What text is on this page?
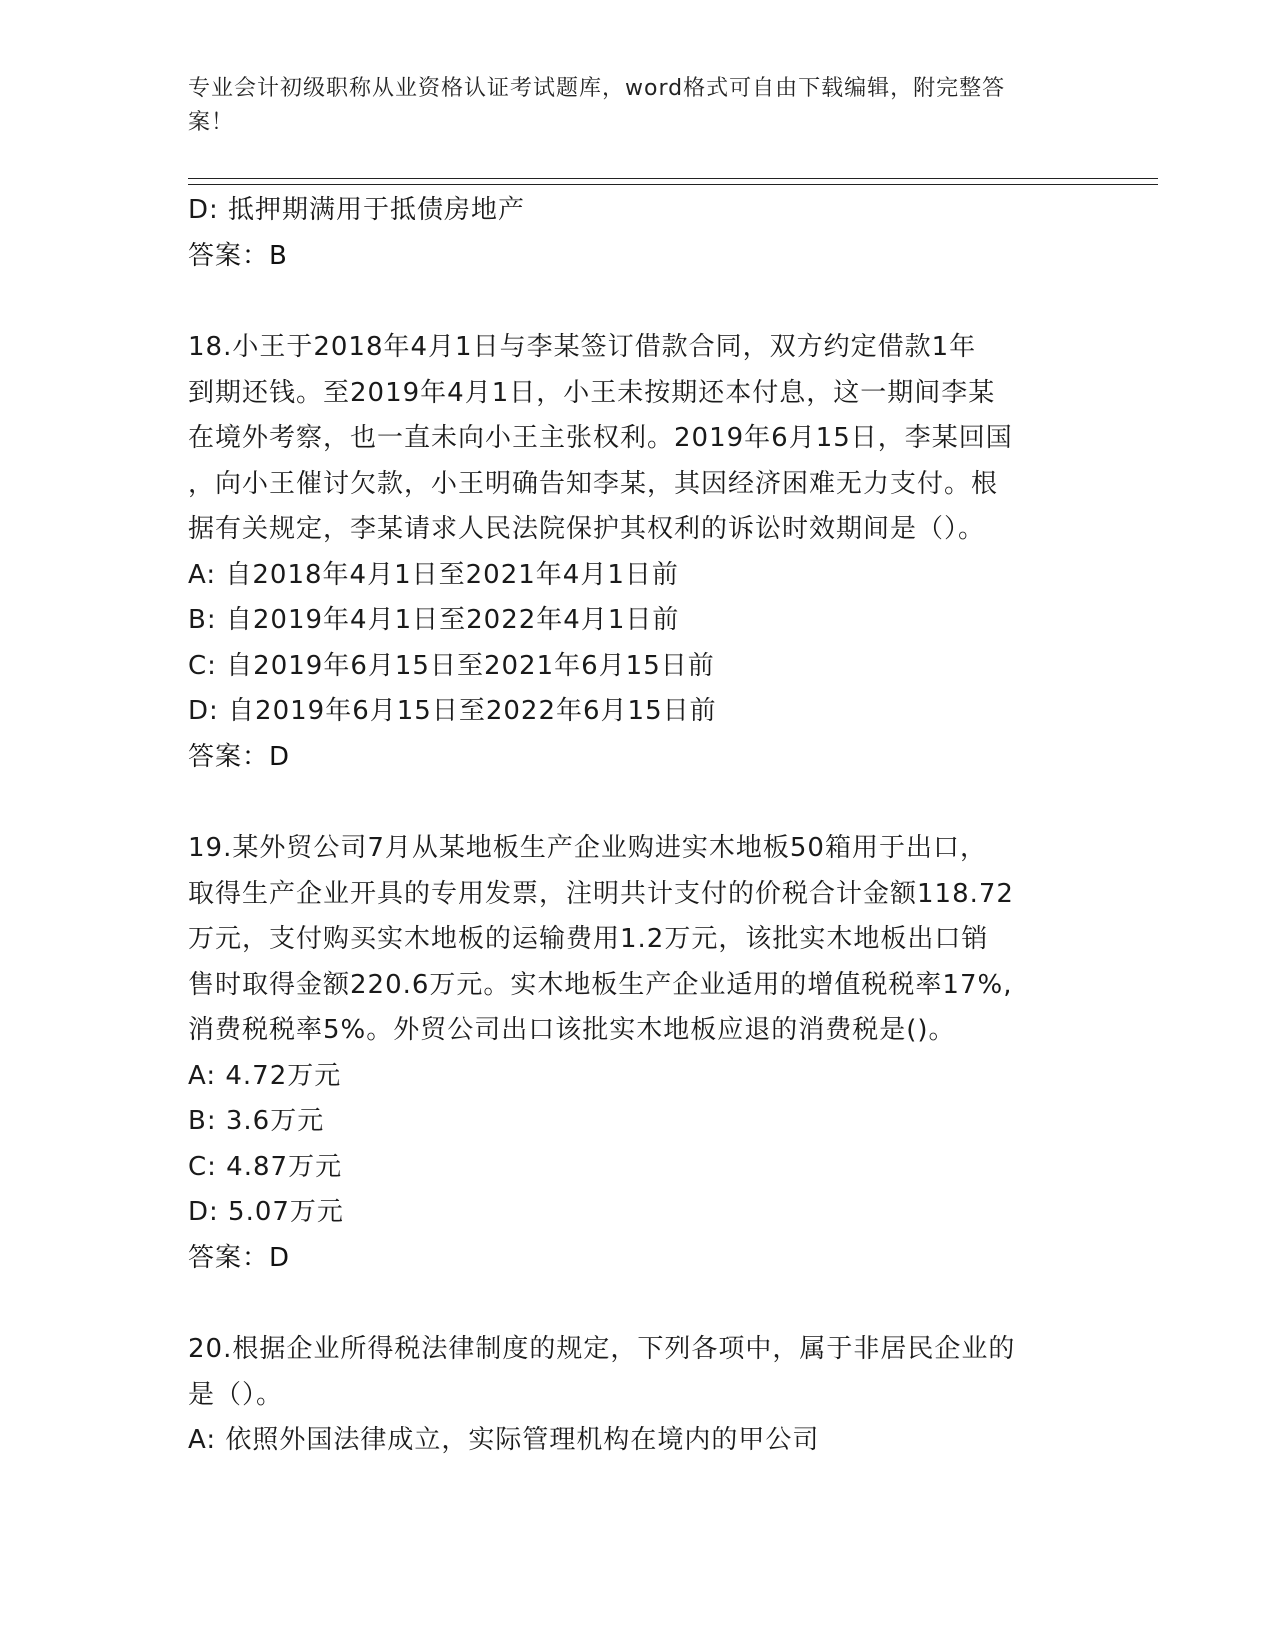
专业会计初级职称从业资格认证考试题库，word格式可自由下载编辑，附完整答
案！
D: 抵押期满用于抵债房地产
答案：B
18.小王于2018年4月1日与李某签订借款合同，双方约定借款1年
到期还钱。至2019年4月1日，小王未按期还本付息，这一期间李某
在境外考察，也一直未向小王主张权利。2019年6月15日，李某回国
，向小王催讨欠款，小王明确告知李某，其因经济困难无力支付。根
据有关规定，李某请求人民法院保护其权利的诉讼时效期间是（）。
A: 自2018年4月1日至2021年4月1日前
B: 自2019年4月1日至2022年4月1日前
C: 自2019年6月15日至2021年6月15日前
D: 自2019年6月15日至2022年6月15日前
答案：D
19.某外贸公司7月从某地板生产企业购进实木地板50箱用于出口，
取得生产企业开具的专用发票，注明共计支付的价税合计金额118.72
万元，支付购买实木地板的运输费用1.2万元，该批实木地板出口销
售时取得金额220.6万元。实木地板生产企业适用的增值税税率17%,
消费税税率5%。外贸公司出口该批实木地板应退的消费税是()。
A: 4.72万元
B: 3.6万元
C: 4.87万元
D: 5.07万元
答案：D
20.根据企业所得税法律制度的规定，下列各项中，属于非居民企业的
是（）。
A: 依照外国法律成立，实际管理机构在境内的甲公司
